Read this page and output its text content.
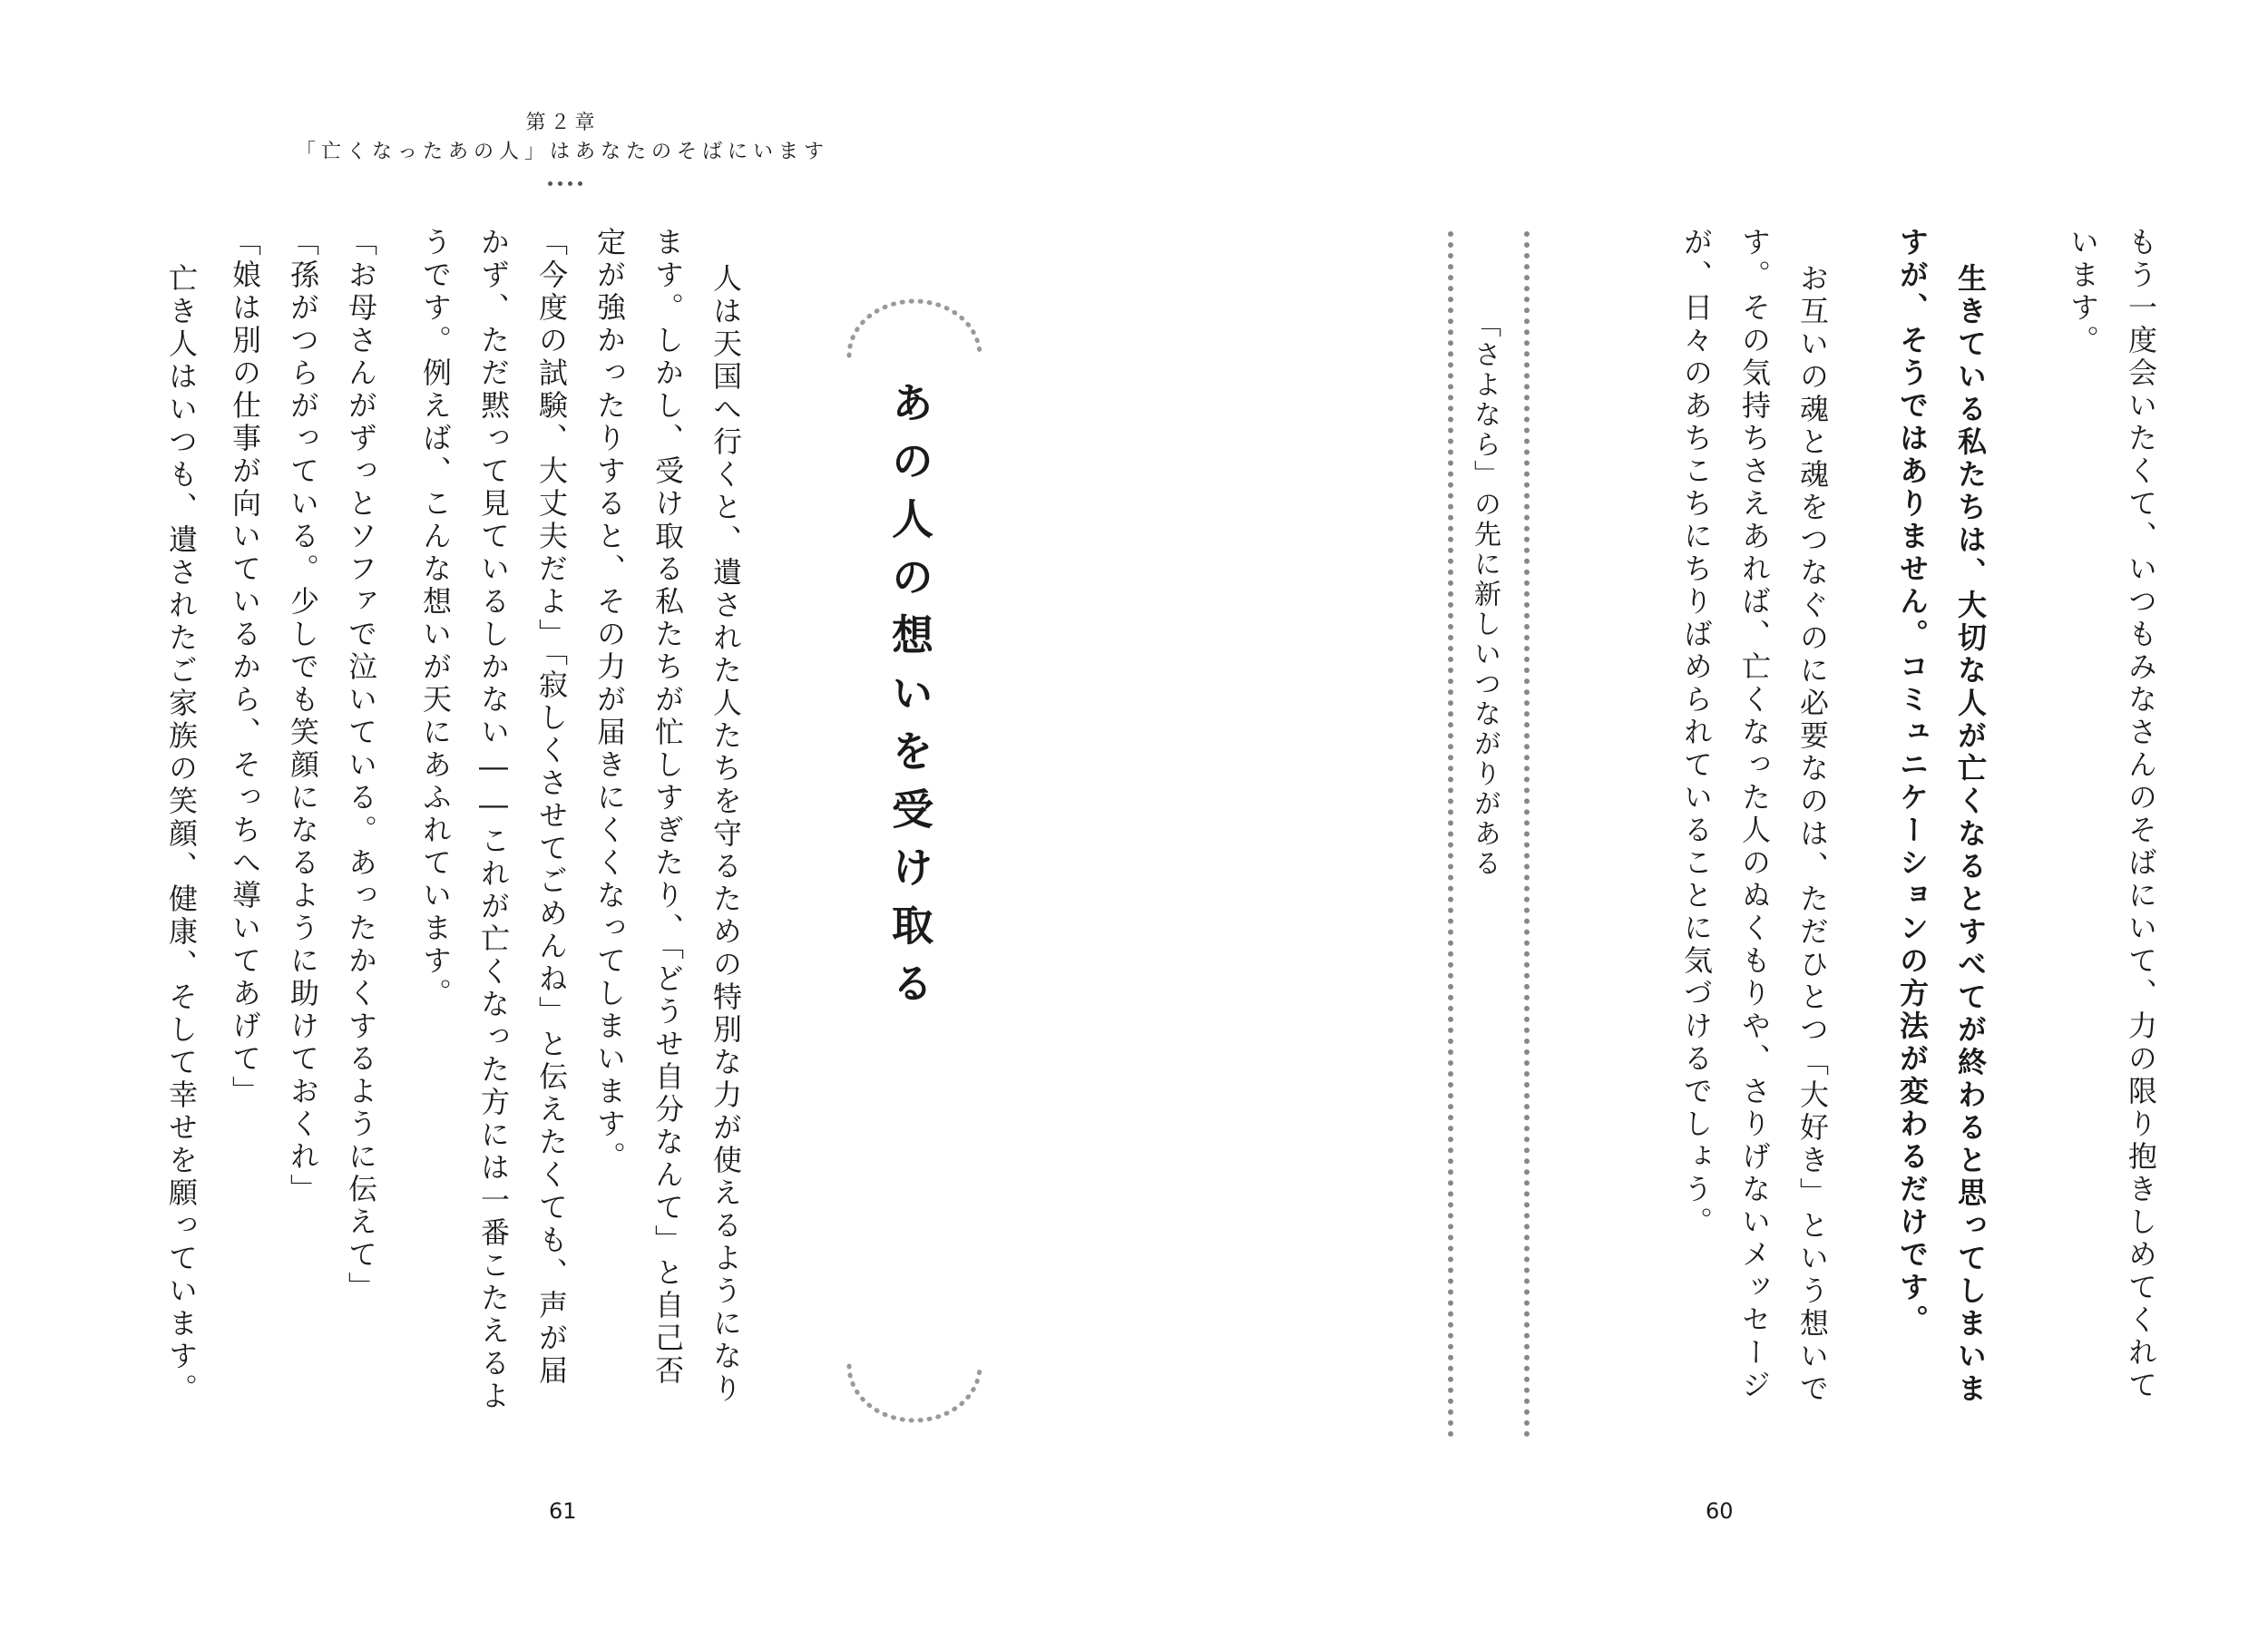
第２章
「亡くなったあの人」はあなたのそばにいます
あの人の想いを受け取る
人は天国へ行くと、遺された人たちを守るための特別な力が使えるようになり
ます。しかし、受け取る私たちが忙しすぎたり、「どうせ自分なんて」と自己否
定が強かったりすると、その力が届きにくくなってしまいます。
「今度の試験、大丈夫だよ」「寂しくさせてごめんね」と伝えたくても、声が届
かず、ただ黙って見ているしかない――これが亡くなった方には一番こたえるよ
うです。例えば、こんな想いが天にあふれています。
「お母さんがずっとソファで泣いている。あったかくするように伝えて」
「孫がつらがっている。少しでも笑顔になるように助けておくれ」
「娘は別の仕事が向いているから、そっちへ導いてあげて」
亡き人はいつも、遺されたご家族の笑顔、健康、そして幸せを願っています。
61
もう一度会いたくて、いつもみなさんのそばにいて、力の限り抱きしめてくれて
います。
生きている私たちは、大切な人が亡くなるとすべてが終わると思ってしまいま
すが、そうではありません。コミュニケーションの方法が変わるだけです。
お互いの魂と魂をつなぐのに必要なのは、ただひとつ「大好き」という想いで
す。その気持ちさえあれば、亡くなった人のぬくもりや、さりげないメッセージ
が、日々のあちこちにちりばめられていることに気づけるでしょう。
60
「さよなら」の先に新しいつながりがある
